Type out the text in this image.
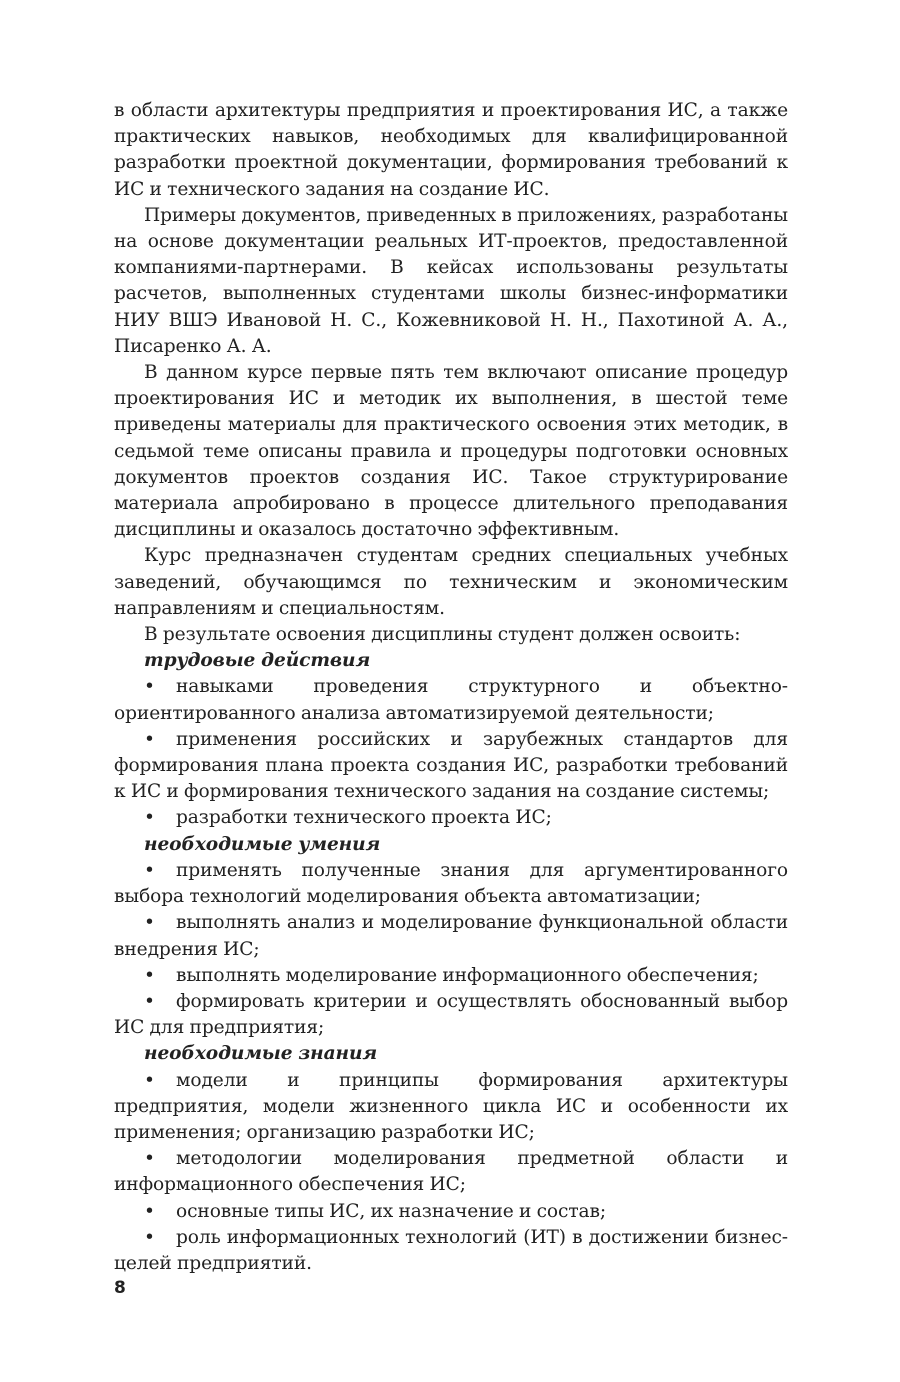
в области архитектуры предприятия и проектирования ИС, а также практических навыков, необходимых для квалифицированной разработки проектной документации, формирования требований к ИС и технического задания на создание ИС.

Примеры документов, приведенных в приложениях, разработаны на основе документации реальных ИТ-проектов, предоставленной компаниями-партнерами. В кейсах использованы результаты расчетов, выполненных студентами школы бизнес-информатики НИУ ВШЭ Ивановой Н. С., Кожевниковой Н. Н., Пахотиной А. А., Писаренко А. А.

В данном курсе первые пять тем включают описание процедур проектирования ИС и методик их выполнения, в шестой теме приведены материалы для практического освоения этих методик, в седьмой теме описаны правила и процедуры подготовки основных документов проектов создания ИС. Такое структурирование материала апробировано в процессе длительного преподавания дисциплины и оказалось достаточно эффективным.

Курс предназначен студентам средних специальных учебных заведений, обучающимся по техническим и экономическим направлениям и специальностям.

В результате освоения дисциплины студент должен освоить:

трудовые действия

• навыками проведения структурного и объектно-ориентированного анализа автоматизируемой деятельности;
• применения российских и зарубежных стандартов для формирования плана проекта создания ИС, разработки требований к ИС и формирования технического задания на создание системы;
• разработки технического проекта ИС;

необходимые умения

• применять полученные знания для аргументированного выбора технологий моделирования объекта автоматизации;
• выполнять анализ и моделирование функциональной области внедрения ИС;
• выполнять моделирование информационного обеспечения;
• формировать критерии и осуществлять обоснованный выбор ИС для предприятия;

необходимые знания

• модели и принципы формирования архитектуры предприятия, модели жизненного цикла ИС и особенности их применения; организацию разработки ИС;
• методологии моделирования предметной области и информационного обеспечения ИС;
• основные типы ИС, их назначение и состав;
• роль информационных технологий (ИТ) в достижении бизнес-целей предприятий.
8
